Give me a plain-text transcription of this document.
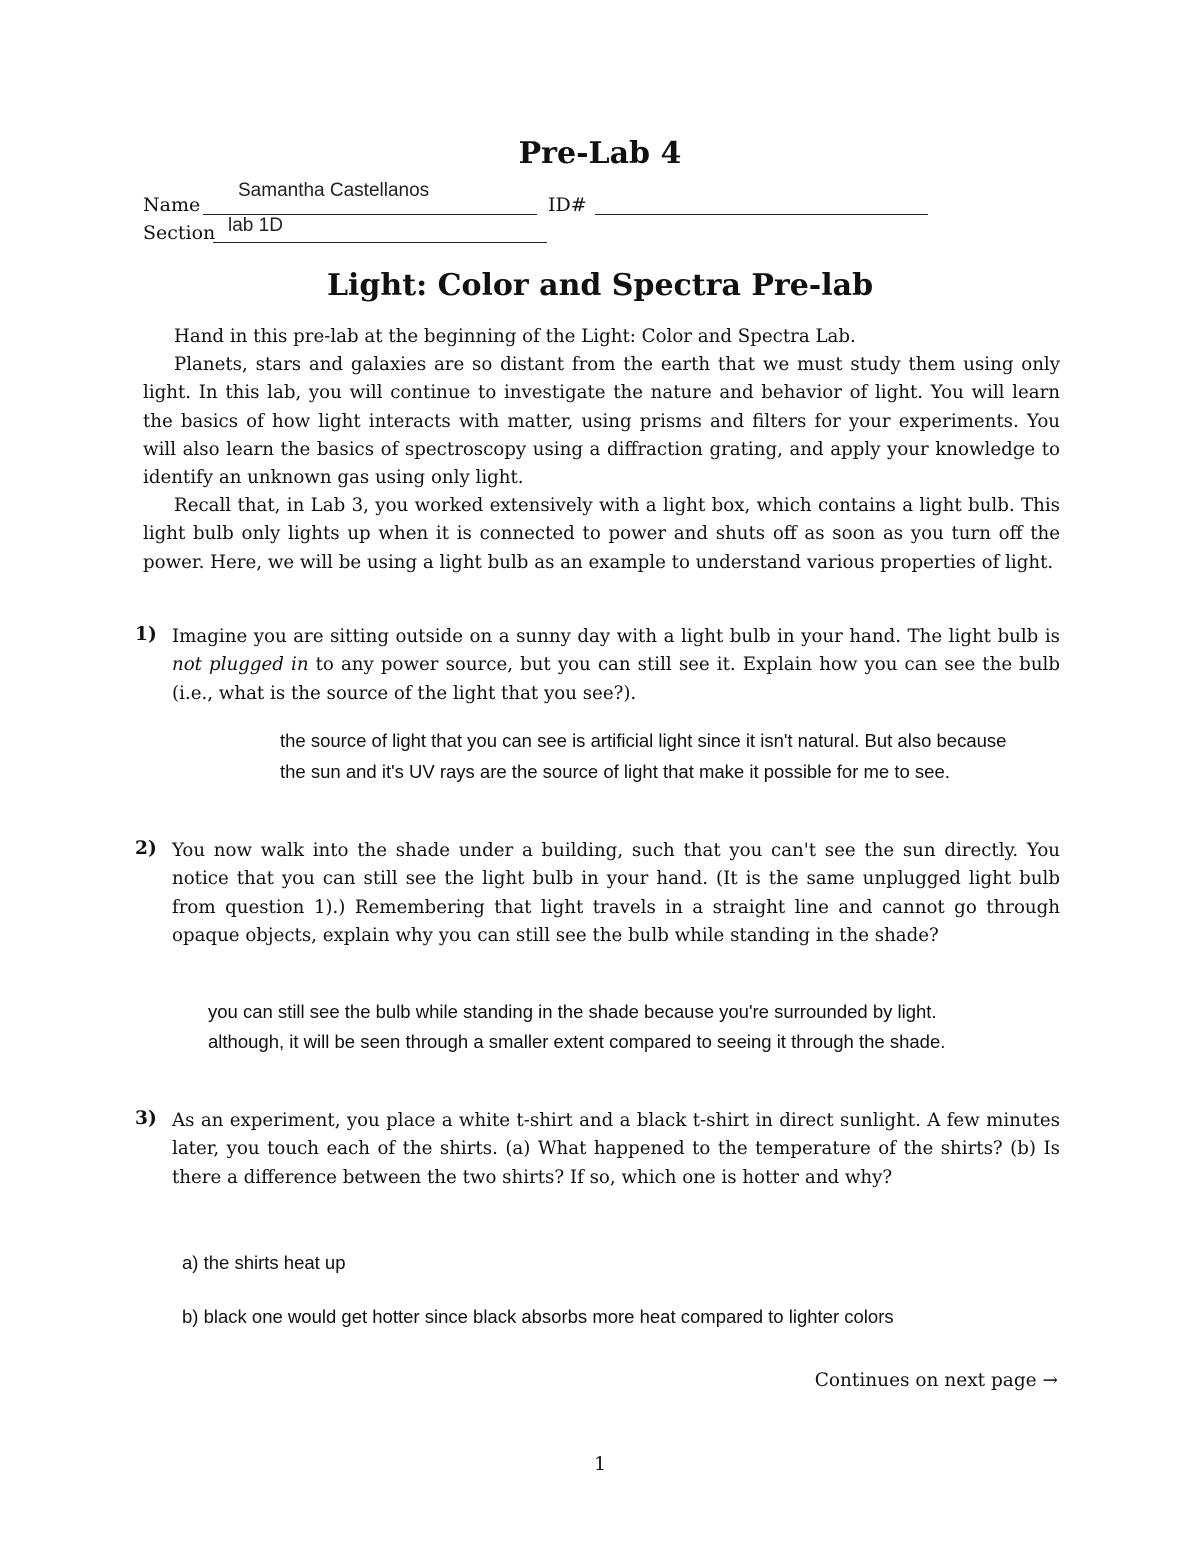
Pre-Lab 4
Name
Samantha Castellanos
ID#
Section lab 1D
Light: Color and Spectra Pre-lab

Hand in this pre-lab at the beginning of the Light: Color and Spectra Lab.

Planets, stars and galaxies are so distant from the earth that we must study them using only light. In this lab, you will continue to investigate the nature and behavior of light. You will learn the basics of how light interacts with matter, using prisms and filters for your experiments. You will also learn the basics of spectroscopy using a diffraction grating, and apply your knowledge to identify an unknown gas using only light.

Recall that, in Lab 3, you worked extensively with a light box, which contains a light bulb. This light bulb only lights up when it is connected to power and shuts off as soon as you turn off the power. Here, we will be using a light bulb as an example to understand various properties of light.

1) Imagine you are sitting outside on a sunny day with a light bulb in your hand. The light bulb is not plugged in to any power source, but you can still see it. Explain how you can see the bulb (i.e., what is the source of the light that you see?).

the source of light that you can see is artificial light since it isn't natural. But also because
the sun and it's UV rays are the source of light that make it possible for me to see.
2) You now walk into the shade under a building, such that you can't see the sun directly. You notice that you can still see the light bulb in your hand. (It is the same unplugged light bulb from question 1).) Remembering that light travels in a straight line and cannot go through opaque objects, explain why you can still see the bulb while standing in the shade?

you can still see the bulb while standing in the shade because you're surrounded by light.
although, it will be seen through a smaller extent compared to seeing it through the shade.
3) As an experiment, you place a white t-shirt and a black t-shirt in direct sunlight. A few minutes later, you touch each of the shirts. (a) What happened to the temperature of the shirts? (b) Is there a difference between the two shirts? If so, which one is hotter and why?

a) the shirts heat up
b) black one would get hotter since black absorbs more heat compared to lighter colors
Continues on next page →
1
